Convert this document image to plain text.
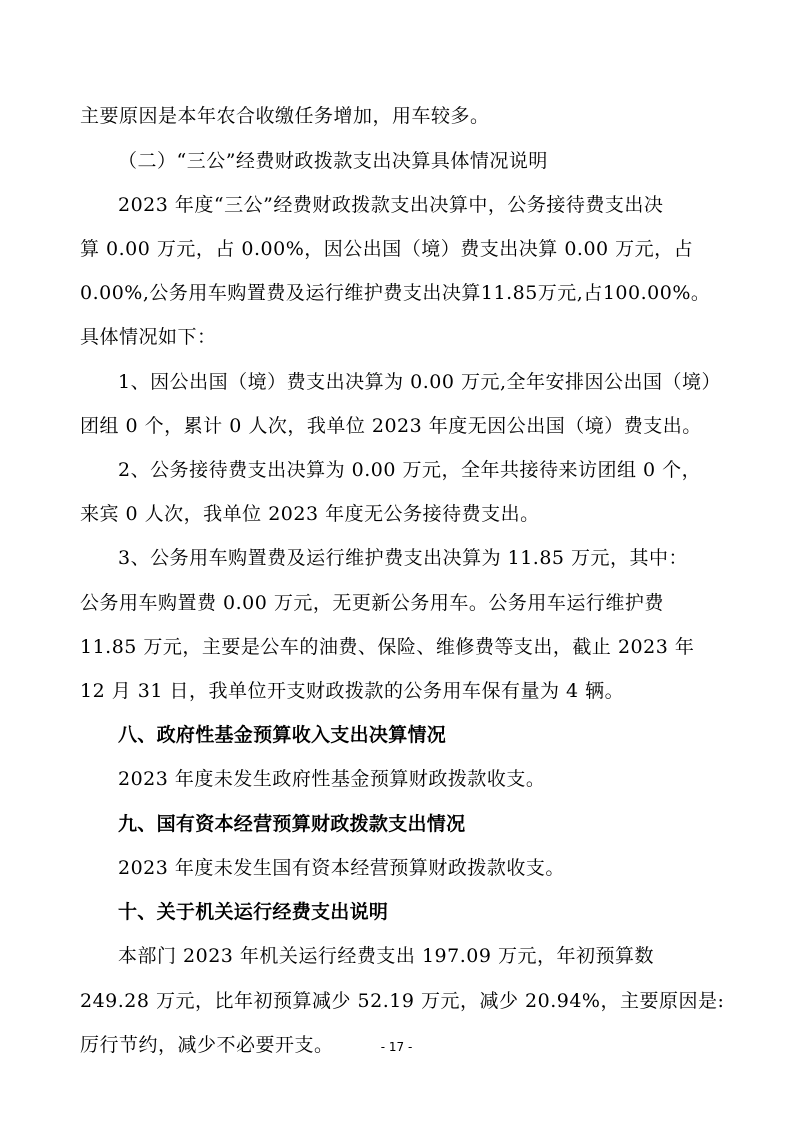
主要原因是本年农合收缴任务增加，用车较多。
（二）“三公”经费财政拨款支出决算具体情况说明
2023 年度“三公”经费财政拨款支出决算中，公务接待费支出决
算 0.00 万元，占 0.00%，因公出国（境）费支出决算 0.00 万元，占
0.00%,公务用车购置费及运行维护费支出决算11.85万元,占100.00%。
具体情况如下：
1、因公出国（境）费支出决算为 0.00 万元,全年安排因公出国（境）
团组 0 个，累计 0 人次，我单位 2023 年度无因公出国（境）费支出。
2、公务接待费支出决算为 0.00 万元，全年共接待来访团组 0 个，
来宾 0 人次，我单位 2023 年度无公务接待费支出。
3、公务用车购置费及运行维护费支出决算为 11.85 万元，其中：
公务用车购置费 0.00 万元，无更新公务用车。公务用车运行维护费
11.85 万元，主要是公车的油费、保险、维修费等支出，截止 2023 年
12 月 31 日，我单位开支财政拨款的公务用车保有量为 4 辆。
八、政府性基金预算收入支出决算情况
2023 年度未发生政府性基金预算财政拨款收支。
九、国有资本经营预算财政拨款支出情况
2023 年度未发生国有资本经营预算财政拨款收支。
十、关于机关运行经费支出说明
本部门 2023 年机关运行经费支出 197.09 万元，年初预算数
249.28 万元，比年初预算减少 52.19 万元，减少 20.94%，主要原因是:
厉行节约，减少不必要开支。	- 17 -
